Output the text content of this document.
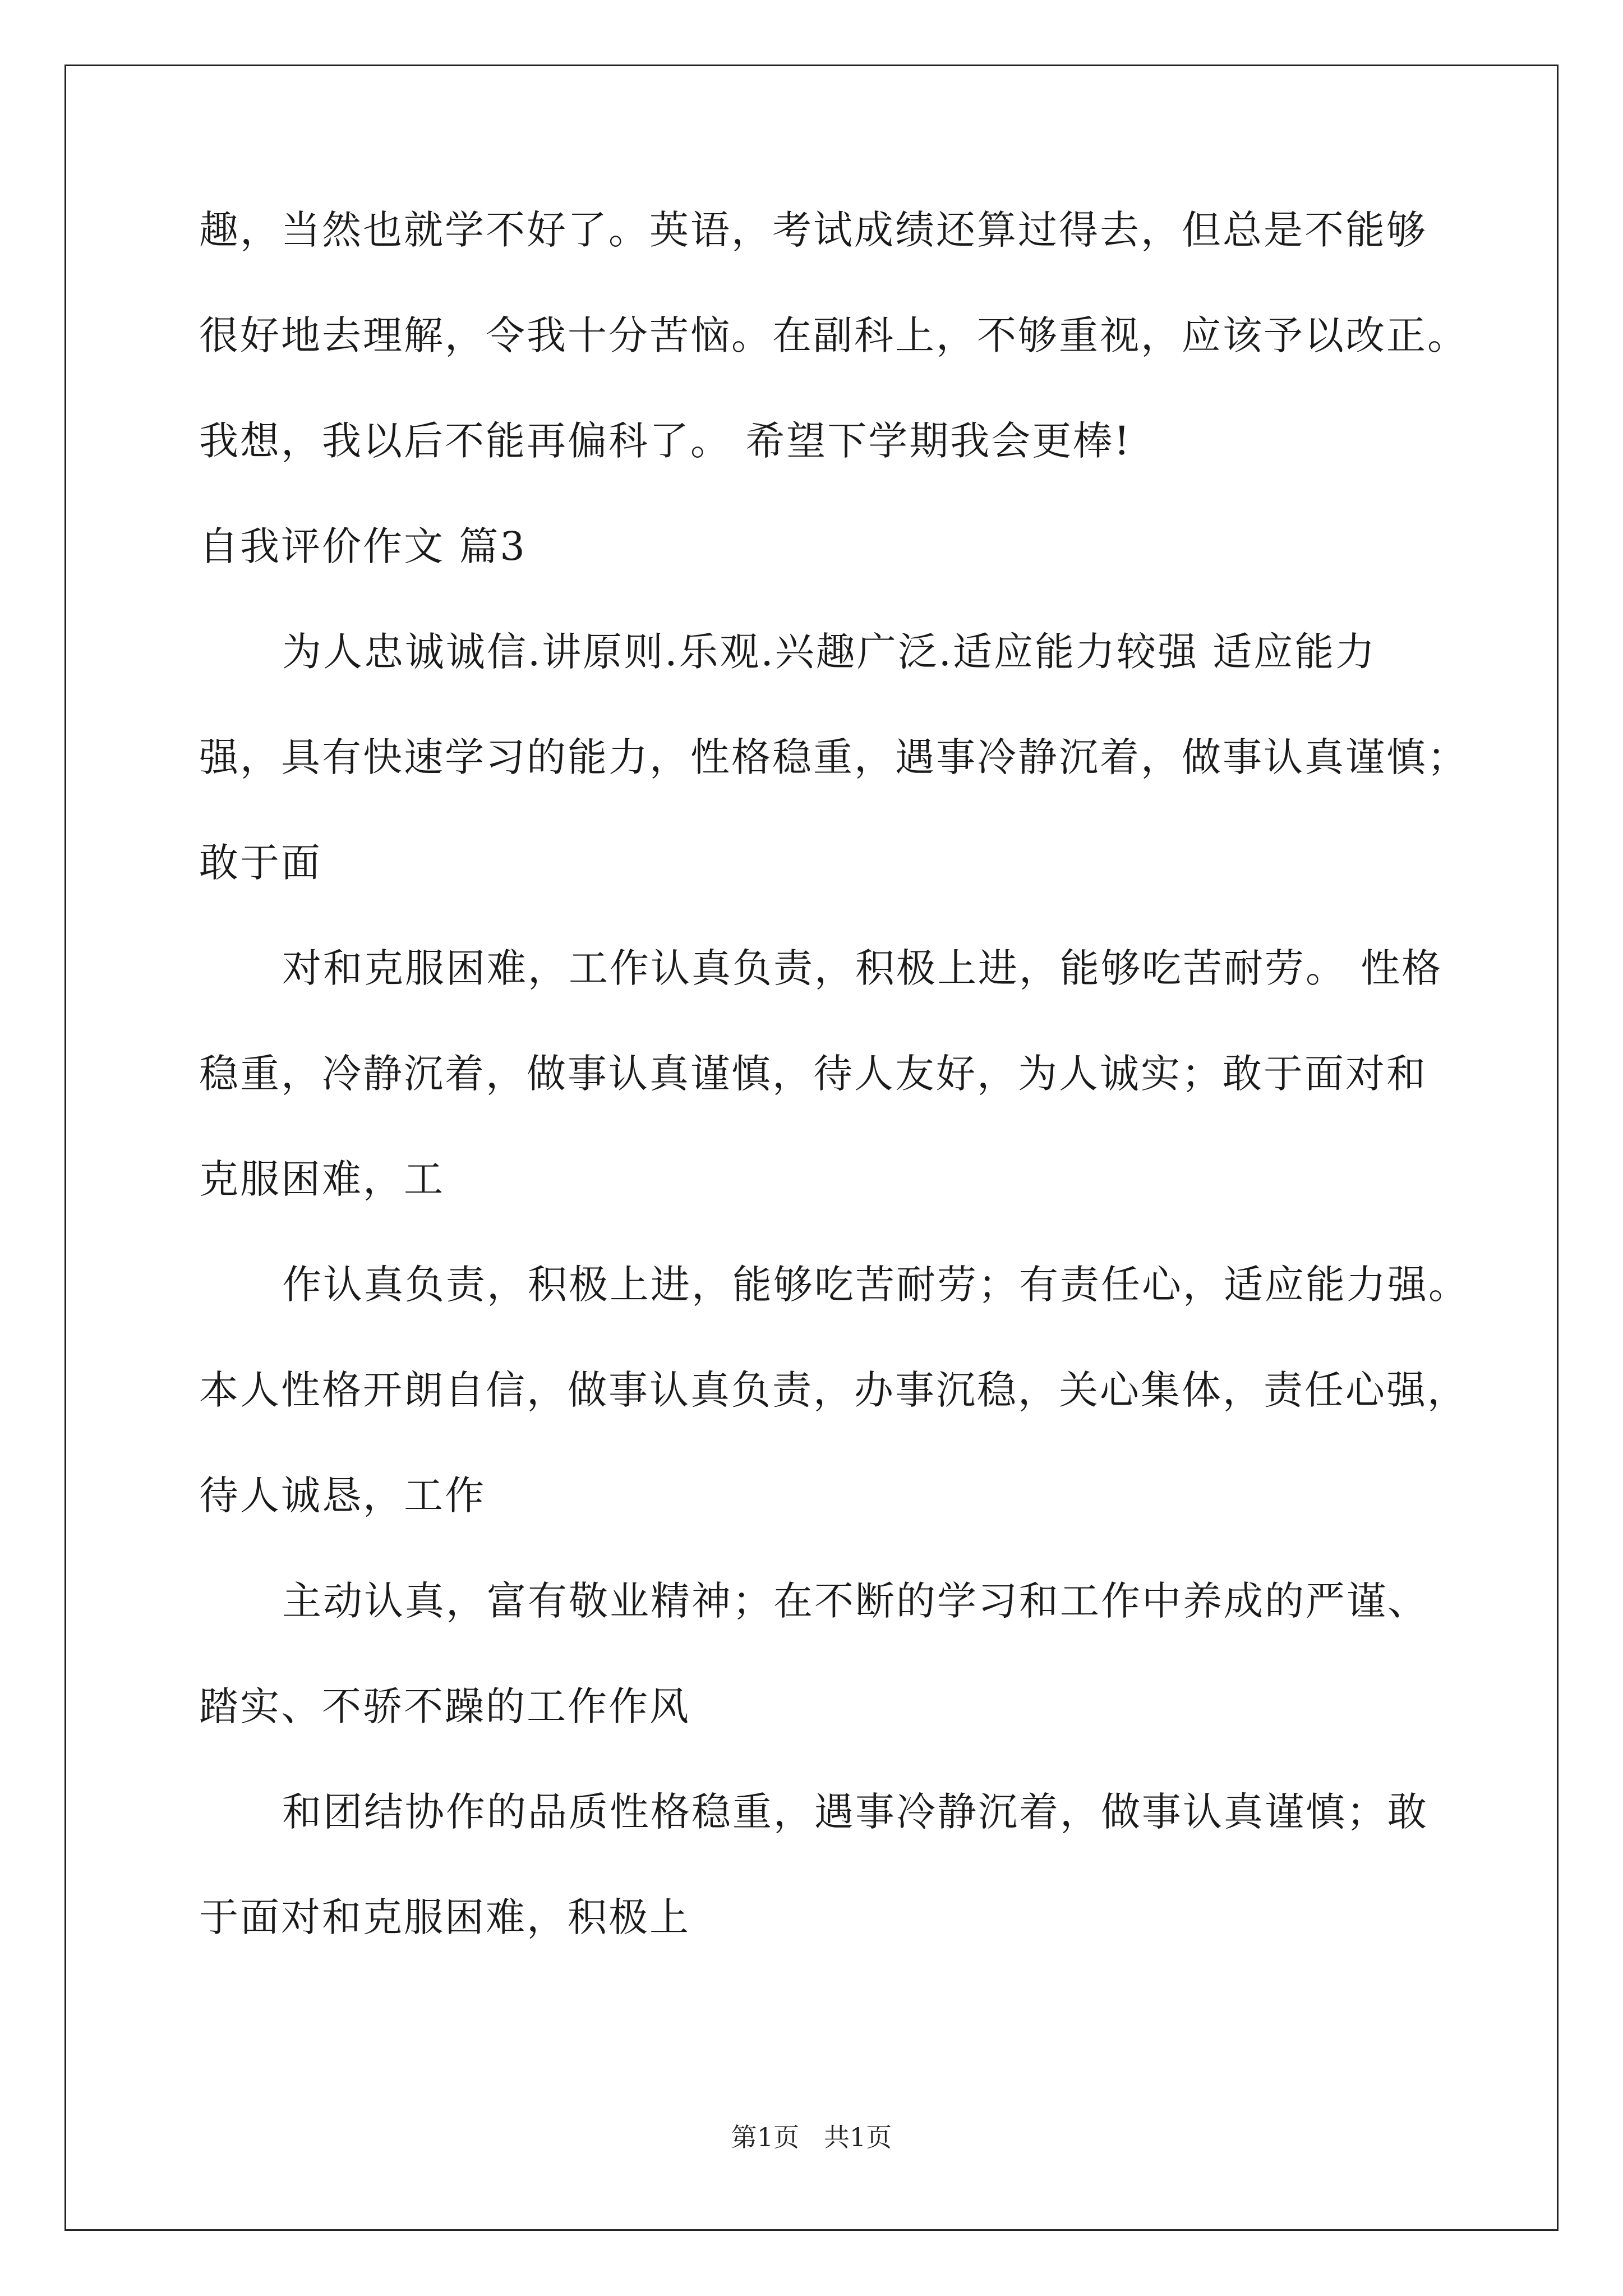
趣，当然也就学不好了。英语，考试成绩还算过得去，但总是不能够
很好地去理解，令我十分苦恼。在副科上，不够重视，应该予以改正。
我想，我以后不能再偏科了。 希望下学期我会更棒!
自我评价作文 篇3
为人忠诚诚信.讲原则.乐观.兴趣广泛.适应能力较强 适应能力
强，具有快速学习的能力，性格稳重，遇事冷静沉着，做事认真谨慎；
敢于面
对和克服困难，工作认真负责，积极上进，能够吃苦耐劳。 性格
稳重，冷静沉着，做事认真谨慎，待人友好，为人诚实；敢于面对和
克服困难，工
作认真负责，积极上进，能够吃苦耐劳；有责任心，适应能力强。
本人性格开朗自信，做事认真负责，办事沉稳，关心集体，责任心强，
待人诚恳，工作
主动认真，富有敬业精神；在不断的学习和工作中养成的严谨、
踏实、不骄不躁的工作作风
和团结协作的品质性格稳重，遇事冷静沉着，做事认真谨慎；敢
于面对和克服困难，积极上
第1页   共1页
